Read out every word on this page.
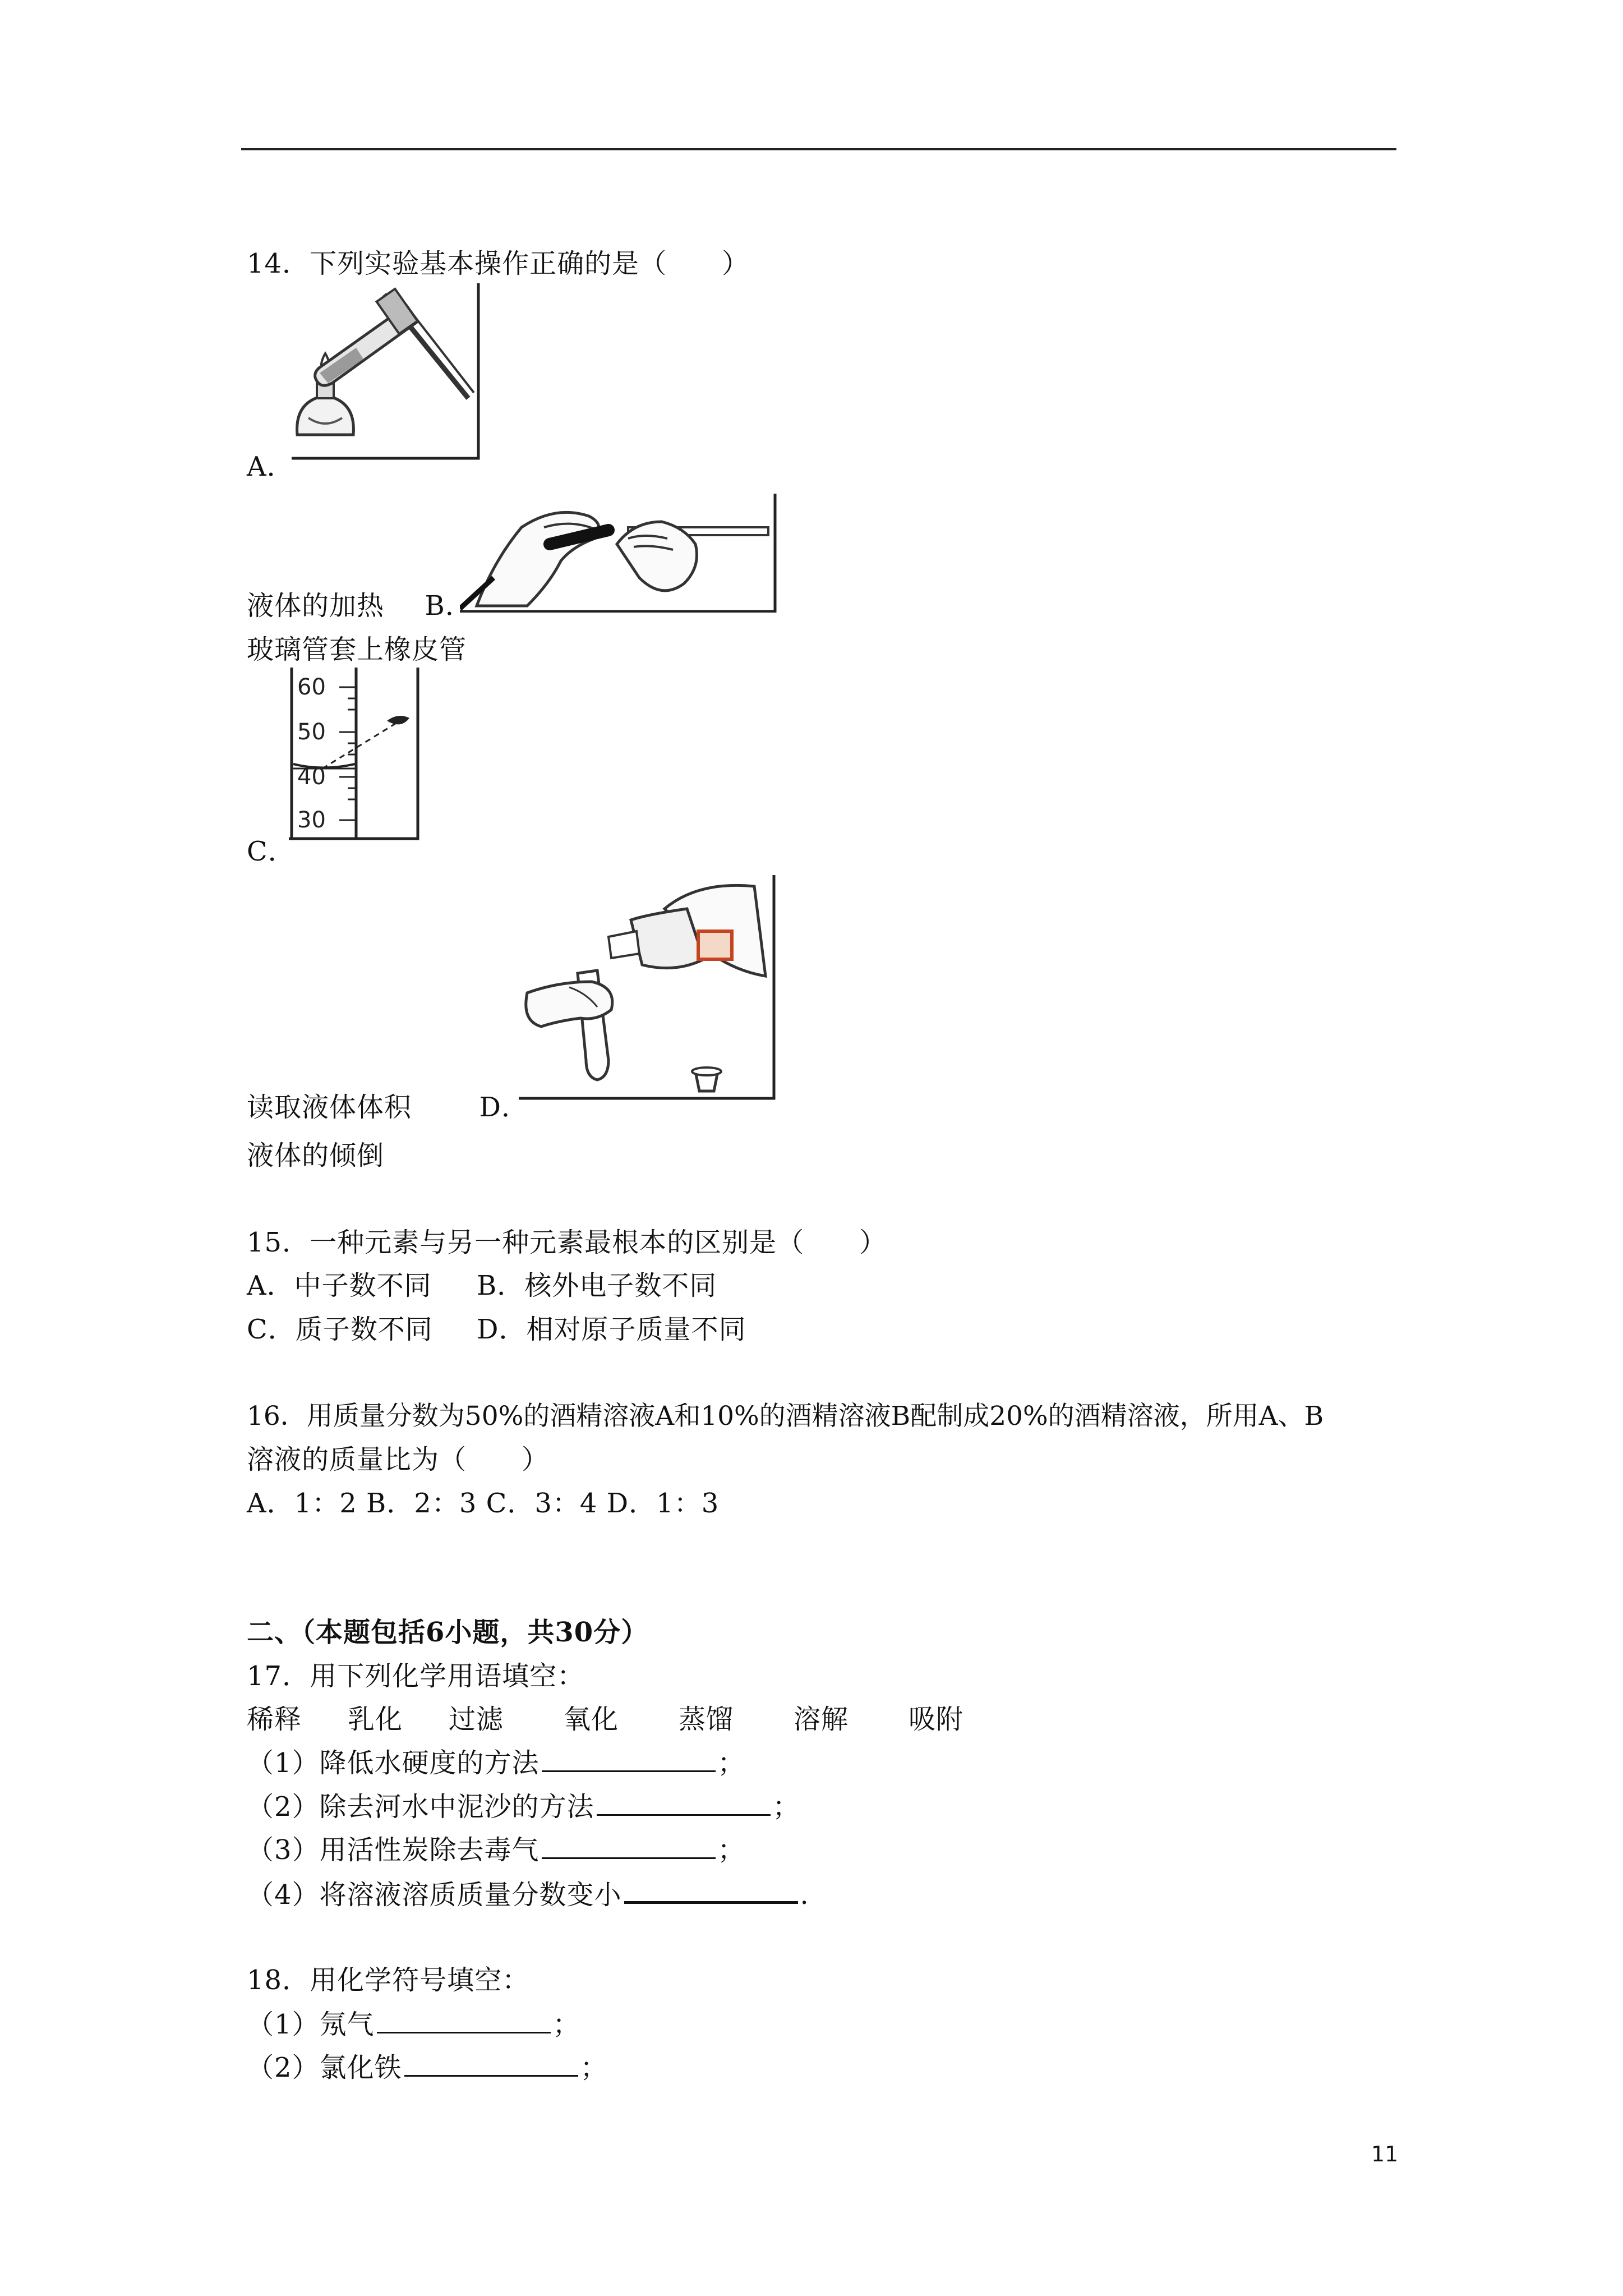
14．下列实验基本操作正确的是（　　）
A．
液体的加热 B．
玻璃管套上橡皮管
60
50
40
30
C．
读取液体体积	D．
液体的倾倒
15．一种元素与另一种元素最根本的区别是（　　）
A．中子数不同 B．核外电子数不同
C．质子数不同 D．相对原子质量不同
16．用质量分数为50%的酒精溶液A和10%的酒精溶液B配制成20%的酒精溶液，所用A、B
溶液的质量比为（　　）
A．1：2 B．2：3 C．3：4 D．1：3
二、（本题包括6小题，共30分）
17．用下列化学用语填空：
稀释 乳化 过滤 氧化 蒸馏 溶解 吸附
（1）降低水硬度的方法	；
（2）除去河水中泥沙的方法	；
（3）用活性炭除去毒气	；
（4）将溶液溶质质量分数变小	.
18．用化学符号填空：
（1）氖气	；
（2）氯化铁	；
11
